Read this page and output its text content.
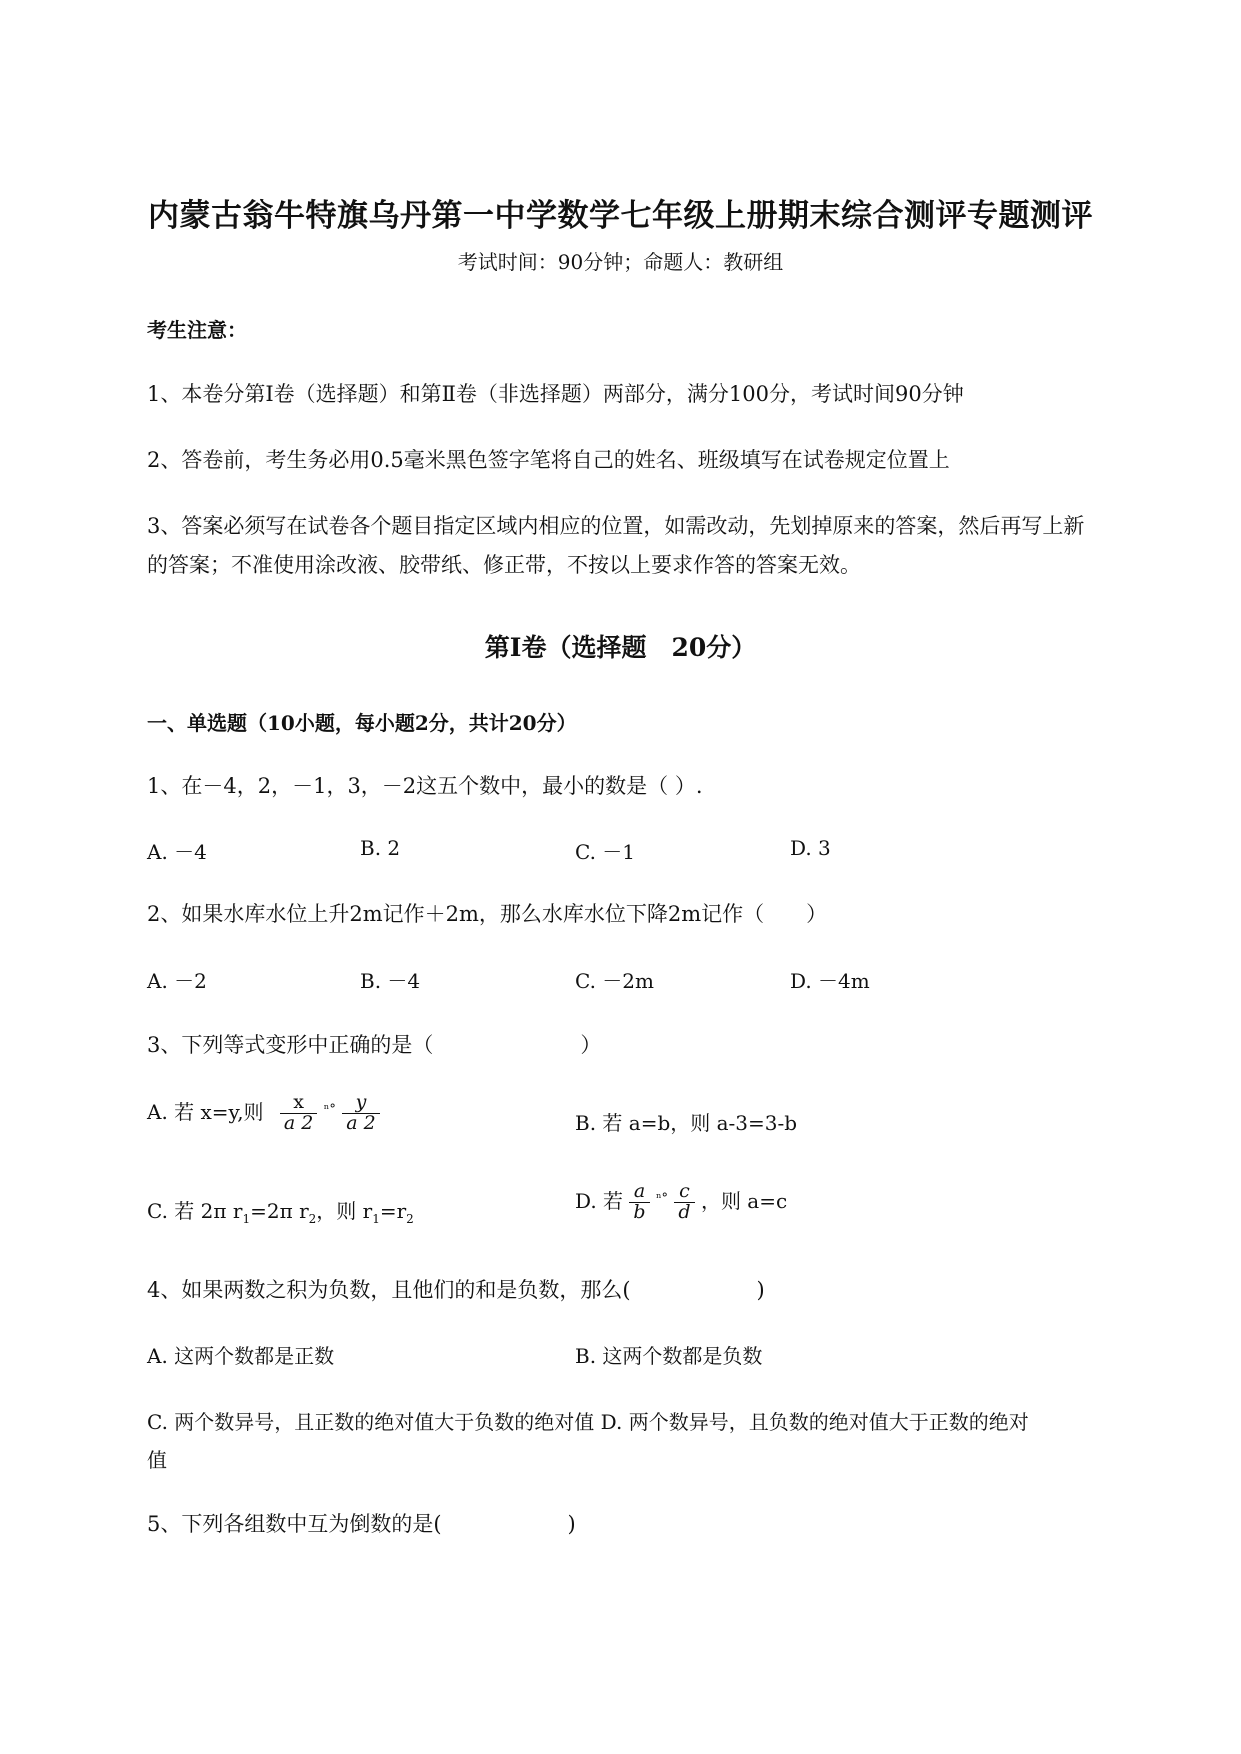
内蒙古翁牛特旗乌丹第一中学数学七年级上册期末综合测评专题测评
考试时间：90分钟；命题人：教研组
考生注意：
1、本卷分第I卷（选择题）和第Ⅱ卷（非选择题）两部分，满分100分，考试时间90分钟
2、答卷前，考生务必用0.5毫米黑色签字笔将自己的姓名、班级填写在试卷规定位置上
3、答案必须写在试卷各个题目指定区域内相应的位置，如需改动，先划掉原来的答案，然后再写上新
的答案；不准使用涂改液、胶带纸、修正带，不按以上要求作答的答案无效。
第I卷（选择题　20分）
一、单选题（10小题，每小题2分，共计20分）
1、在－4，2，－1，3，－2这五个数中，最小的数是（ ）.
A. －4	B. 2	C. －1	D. 3
2、如果水库水位上升2m记作＋2m，那么水库水位下降2m记作（　　）
A. －2	B. －4	C. －2m	D. －4m
3、下列等式变形中正确的是（　　　　　　　）
A. 若 x=y,则 $\frac{x}{a 2} ^{^n^\circ} \frac{y}{a 2}$	B. 若 a=b，则 a-3=3-b
C. 若 2π $r_1=2\pi$ $r_2$，则 $r_1=r_2$
D. 若 $\frac{a}{b} ^{^n^\circ} \frac{c}{d}$ ，则 a=c
4、如果两数之积为负数，且他们的和是负数，那么(　　　　　　)
A. 这两个数都是正数	B. 这两个数都是负数
C. 两个数异号，且正数的绝对值大于负数的绝对值 D. 两个数异号，且负数的绝对值大于正数的绝对
值
5、下列各组数中互为倒数的是(　　　　　　)
